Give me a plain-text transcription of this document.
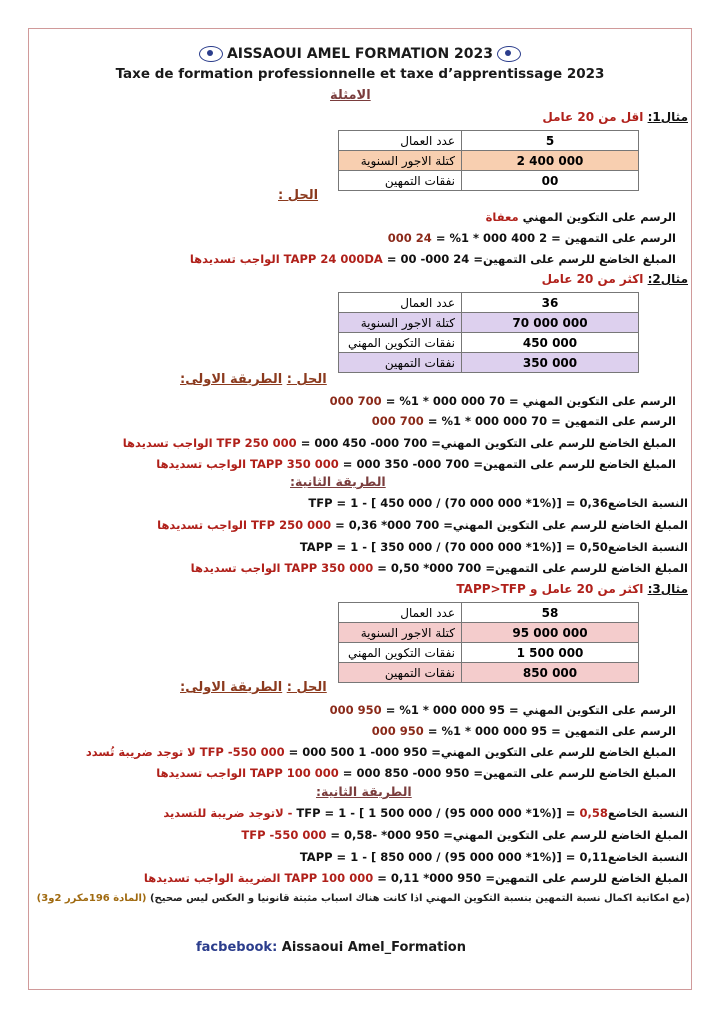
AISSAOUI AMEL FORMATION 2023
Taxe de formation professionnelle et taxe d’apprentissage 2023
الامثلة
مثال1: اقل من 20 عامل
عدد العمال	5
كتلة الاجور السنوية	2 400 000
نفقات التمهين	00
الحل :
الرسم على التكوين المهني معفاة
الرسم على التمهين = 2 400 000 * 1% = 24 000
المبلغ الخاضع للرسم على التمهين= 24 000- 00 = TAPP 24 000DA الواجب تسديدها
مثال2: اكثر من 20 عامل
عدد العمال	36
كتلة الاجور السنوية	70 000 000
نفقات التكوين المهني	450 000
نفقات التمهين	350 000
الحل : الطريقة الاولى:
الرسم على التكوين المهني = 70 000 000 * 1% = 700 000
الرسم على التمهين = 70 000 000 * 1% = 700 000
المبلغ الخاضع للرسم على التكوين المهني= 700 000- 450 000 = TFP 250 000 الواجب تسديدها
المبلغ الخاضع للرسم على التمهين= 700 000- 350 000 = TAPP 350 000 الواجب تسديدها
الطريقة الثانية:
النسبة الخاضعTFP = 1 - [ 450 000 / (70 000 000 *1%)] = 0,36
المبلغ الخاضع للرسم على التكوين المهني= 700 000* 0,36 = TFP 250 000 الواجب تسديدها
النسبة الخاضعTAPP = 1 - [ 350 000 / (70 000 000 *1%)] = 0,50
المبلغ الخاضع للرسم على التمهين= 700 000* 0,50 = TAPP 350 000 الواجب تسديدها
مثال3: اكثر من 20 عامل و TAPP>TFP
عدد العمال	58
كتلة الاجور السنوية	95 000 000
نفقات التكوين المهني	1 500 000
نفقات التمهين	850 000
الحل : الطريقة الاولى:
الرسم على التكوين المهني = 95 000 000 * 1% = 950 000
الرسم على التمهين = 95 000 000 * 1% = 950 000
المبلغ الخاضع للرسم على التكوين المهني= 950 000- 1 500 000 = TFP -550 000 لا توجد ضريبة تُسدد
المبلغ الخاضع للرسم على التمهين= 950 000- 850 000 = TAPP 100 000 الواجب تسديدها
الطريقة الثانية:
النسبة الخاضعTFP = 1 - [ 1 500 000 / (95 000 000 *1%)] = 0,58 - لاتوجد ضريبة للتسديد
المبلغ الخاضع للرسم على التكوين المهني= 950 000* -0,58 = TFP -550 000
النسبة الخاضعTAPP = 1 - [ 850 000 / (95 000 000 *1%)] = 0,11
المبلغ الخاضع للرسم على التمهين= 950 000* 0,11 = TAPP 100 000 الضريبة الواجب تسديدها
(مع امكانية اكمال نسبة التمهين بنسبة التكوين المهني اذا كانت هناك اسباب مثبتة قانونيا و العكس ليس صحيح) (المادة 196مكرر 2و3)
facbebook: Aissaoui Amel_Formation
